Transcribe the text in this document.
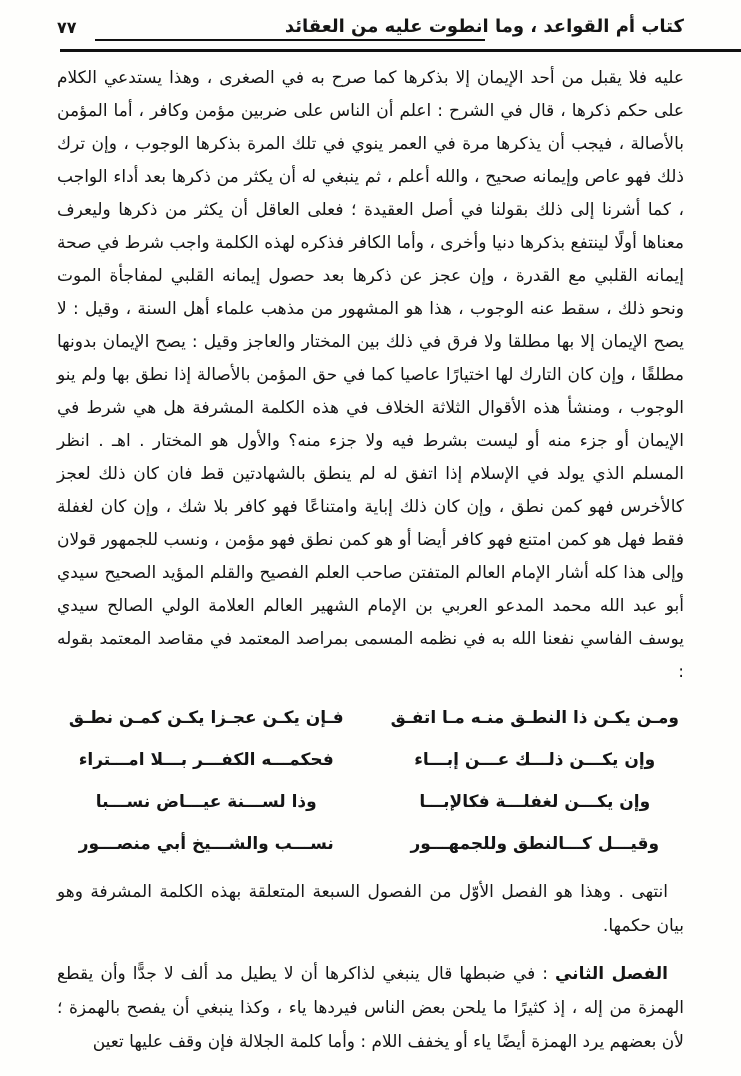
كتاب أم القواعد ، وما انطوت عليه من العقائد
٧٧

عليه فلا يقبل من أحد الإيمان إلا بذكرها كما صرح به في الصغرى ، وهذا يستدعي الكلام على حكم ذكرها ، قال في الشرح : اعلم أن الناس على ضربين مؤمن وكافر ، أما المؤمن بالأصالة ، فيجب أن يذكرها مرة في العمر ينوي في تلك المرة بذكرها الوجوب ، وإن ترك ذلك فهو عاص وإيمانه صحيح ، والله أعلم ، ثم ينبغي له أن يكثر من ذكرها بعد أداء الواجب ، كما أشرنا إلى ذلك بقولنا في أصل العقيدة ؛ فعلى العاقل أن يكثر من ذكرها وليعرف معناها أولًا لينتفع بذكرها دنيا وأخرى ، وأما الكافر فذكره لهذه الكلمة واجب شرط في صحة إيمانه القلبي مع القدرة ، وإن عجز عن ذكرها بعد حصول إيمانه القلبي لمفاجأة الموت ونحو ذلك ، سقط عنه الوجوب ، هذا هو المشهور من مذهب علماء أهل السنة ، وقيل : لا يصح الإيمان إلا بها مطلقا ولا فرق في ذلك بين المختار والعاجز وقيل : يصح الإيمان بدونها مطلقًا ، وإن كان التارك لها اختيارًا عاصيا كما في حق المؤمن بالأصالة إذا نطق بها ولم ينو الوجوب ، ومنشأ هذه الأقوال الثلاثة الخلاف في هذه الكلمة المشرفة هل هي شرط في الإيمان أو جزء منه أو ليست بشرط فيه ولا جزء منه؟ والأول هو المختار . اهـ . انظر المسلم الذي يولد في الإسلام إذا اتفق له لم ينطق بالشهادتين قط فان كان ذلك لعجز كالأخرس فهو كمن نطق ، وإن كان ذلك إباية وامتناعًا فهو كافر بلا شك ، وإن كان لغفلة فقط فهل هو كمن امتنع فهو كافر أيضا أو هو كمن نطق فهو مؤمن ، ونسب للجمهور قولان وإلى هذا كله أشار الإمام العالم المتفتن صاحب العلم الفصيح والقلم المؤيد الصحيح سيدي أبو عبد الله محمد المدعو العربي بن الإمام الشهير العالم العلامة الولي الصالح سيدي يوسف الفاسي نفعنا الله به في نظمه المسمى بمراصد المعتمد في مقاصد المعتمد بقوله :

ومـن يكـن ذا النطـق منـه مـا اتفـق
فـإن يكـن عجـزا يكـن كمـن نطـق
وإن يكـــن ذلـــك عـــن إبـــاء
فحكمـــه الكفـــر بـــلا امـــتراء
وإن يكـــن لغفلـــة فكالإبـــا
وذا لســـنة عيـــاض نســـبا
وقيـــل كـــالنطق وللجمهـــور
نســـب والشـــيخ أبي منصـــور

انتهى . وهذا هو الفصل الأوّل من الفصول السبعة المتعلقة بهذه الكلمة المشرفة وهو بيان حكمها.

الفصل الثاني : في ضبطها قال ينبغي لذاكرها أن لا يطيل مد ألف لا جدًّا وأن يقطع الهمزة من إله ، إذ كثيرًا ما يلحن بعض الناس فيردها ياء ، وكذا ينبغي أن يفصح بالهمزة ؛ لأن بعضهم يرد الهمزة أيضًا ياء أو يخفف اللام : وأما كلمة الجلالة فإن وقف عليها تعين
